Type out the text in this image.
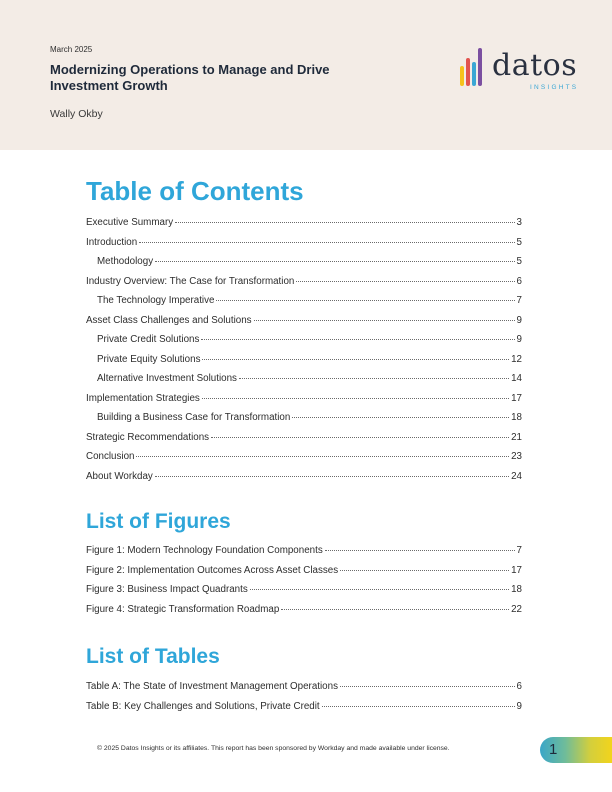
March 2025
Modernizing Operations to Manage and Drive Investment Growth
Wally Okby
datos
INSIGHTS
Table of Contents
Executive Summary	3
Introduction	5
Methodology	5
Industry Overview: The Case for Transformation	6
The Technology Imperative	7
Asset Class Challenges and Solutions	9
Private Credit Solutions	9
Private Equity Solutions	12
Alternative Investment Solutions	14
Implementation Strategies	17
Building a Business Case for Transformation	18
Strategic Recommendations	21
Conclusion	23
About Workday	24
List of Figures
Figure 1: Modern Technology Foundation Components	7
Figure 2: Implementation Outcomes Across Asset Classes	17
Figure 3: Business Impact Quadrants	18
Figure 4: Strategic Transformation Roadmap	22
List of Tables
Table A: The State of Investment Management Operations	6
Table B: Key Challenges and Solutions, Private Credit	9
© 2025 Datos Insights or its affiliates. This report has been sponsored by Workday and made available under license.	1
